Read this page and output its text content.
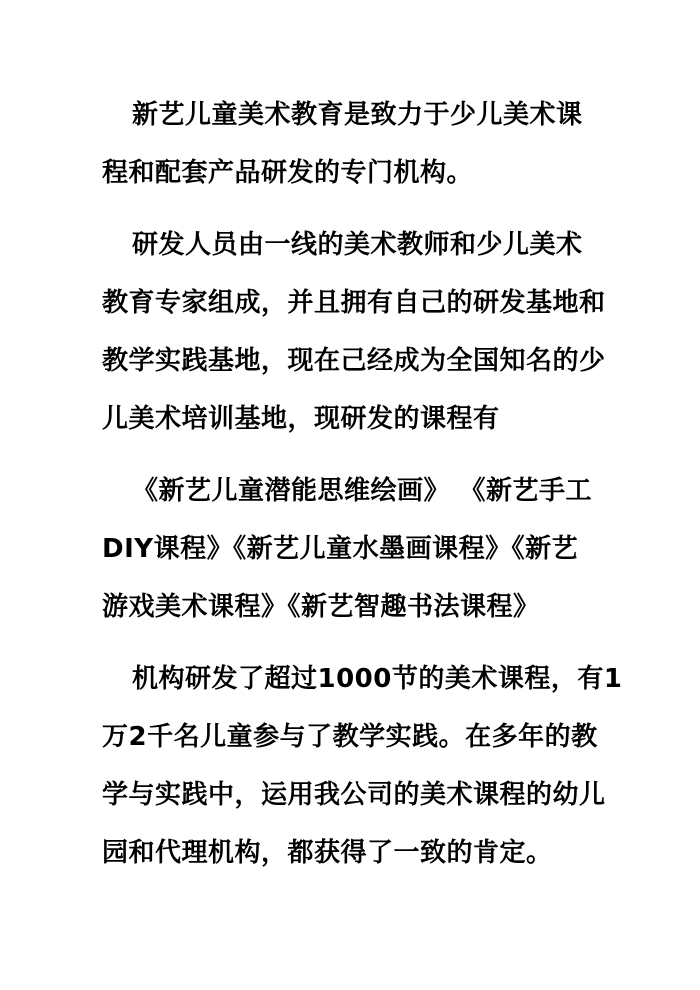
新艺儿童美术教育是致力于少儿美术课
程和配套产品研发的专门机构。
研发人员由一线的美术教师和少儿美术
教育专家组成，并且拥有自己的研发基地和
教学实践基地，现在己经成为全国知名的少
儿美术培训基地，现研发的课程有
《新艺儿童潜能思维绘画》 《新艺手工
DIY课程》《新艺儿童水墨画课程》《新艺
游戏美术课程》《新艺智趣书法课程》
机构研发了超过1000节的美术课程，有1
万2千名儿童参与了教学实践。在多年的教
学与实践中，运用我公司的美术课程的幼儿
园和代理机构，都获得了一致的肯定。
